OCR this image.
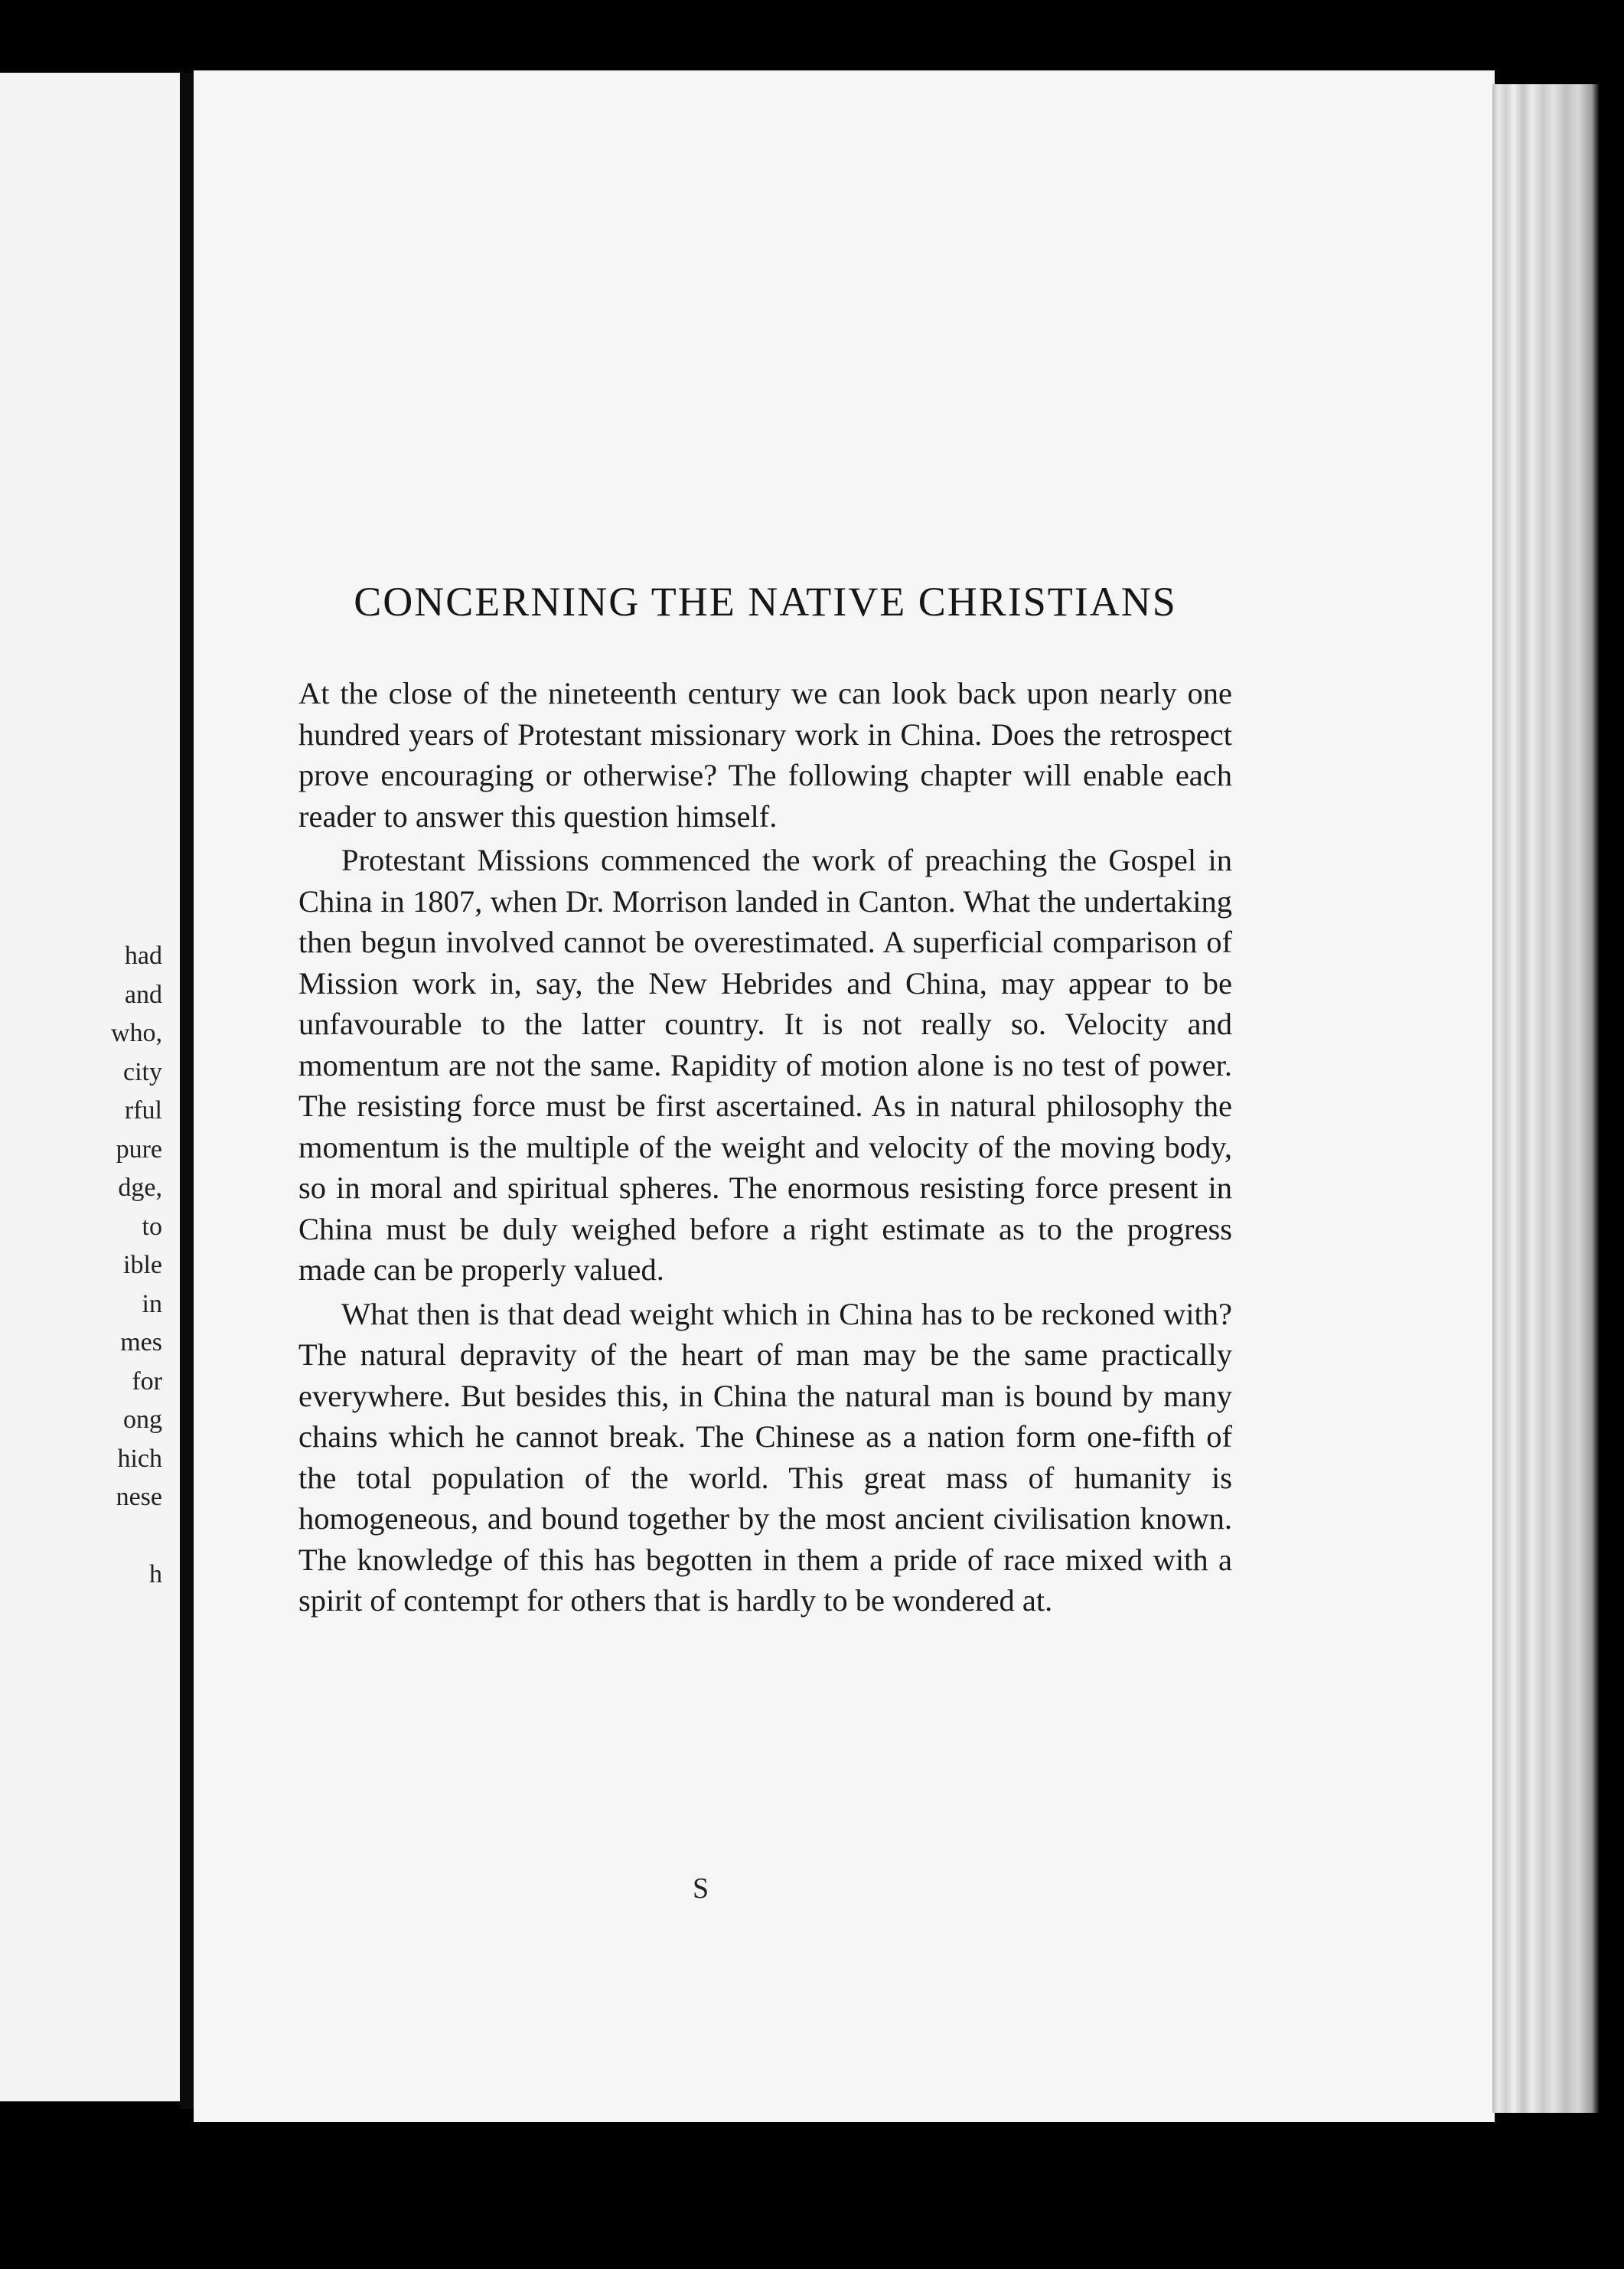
had
and
who,
city
rful
pure
dge,
to
ible
in
mes
for
ong
hich
nese
h
CONCERNING THE NATIVE CHRISTIANS

At the close of the nineteenth century we can look back upon nearly one hundred years of Protestant missionary work in China. Does the retrospect prove encouraging or otherwise? The following chapter will enable each reader to answer this question himself.

Protestant Missions commenced the work of preaching the Gospel in China in 1807, when Dr. Morrison landed in Canton. What the undertaking then begun involved cannot be overestimated. A superficial comparison of Mission work in, say, the New Hebrides and China, may appear to be unfavourable to the latter country. It is not really so. Velocity and momentum are not the same. Rapidity of motion alone is no test of power. The resisting force must be first ascertained. As in natural philosophy the momentum is the multiple of the weight and velocity of the moving body, so in moral and spiritual spheres. The enormous resisting force present in China must be duly weighed before a right estimate as to the progress made can be properly valued.

What then is that dead weight which in China has to be reckoned with? The natural depravity of the heart of man may be the same practically everywhere. But besides this, in China the natural man is bound by many chains which he cannot break. The Chinese as a nation form one-fifth of the total population of the world. This great mass of humanity is homogeneous, and bound together by the most ancient civilisation known. The knowledge of this has begotten in them a pride of race mixed with a spirit of contempt for others that is hardly to be wondered at.

S
